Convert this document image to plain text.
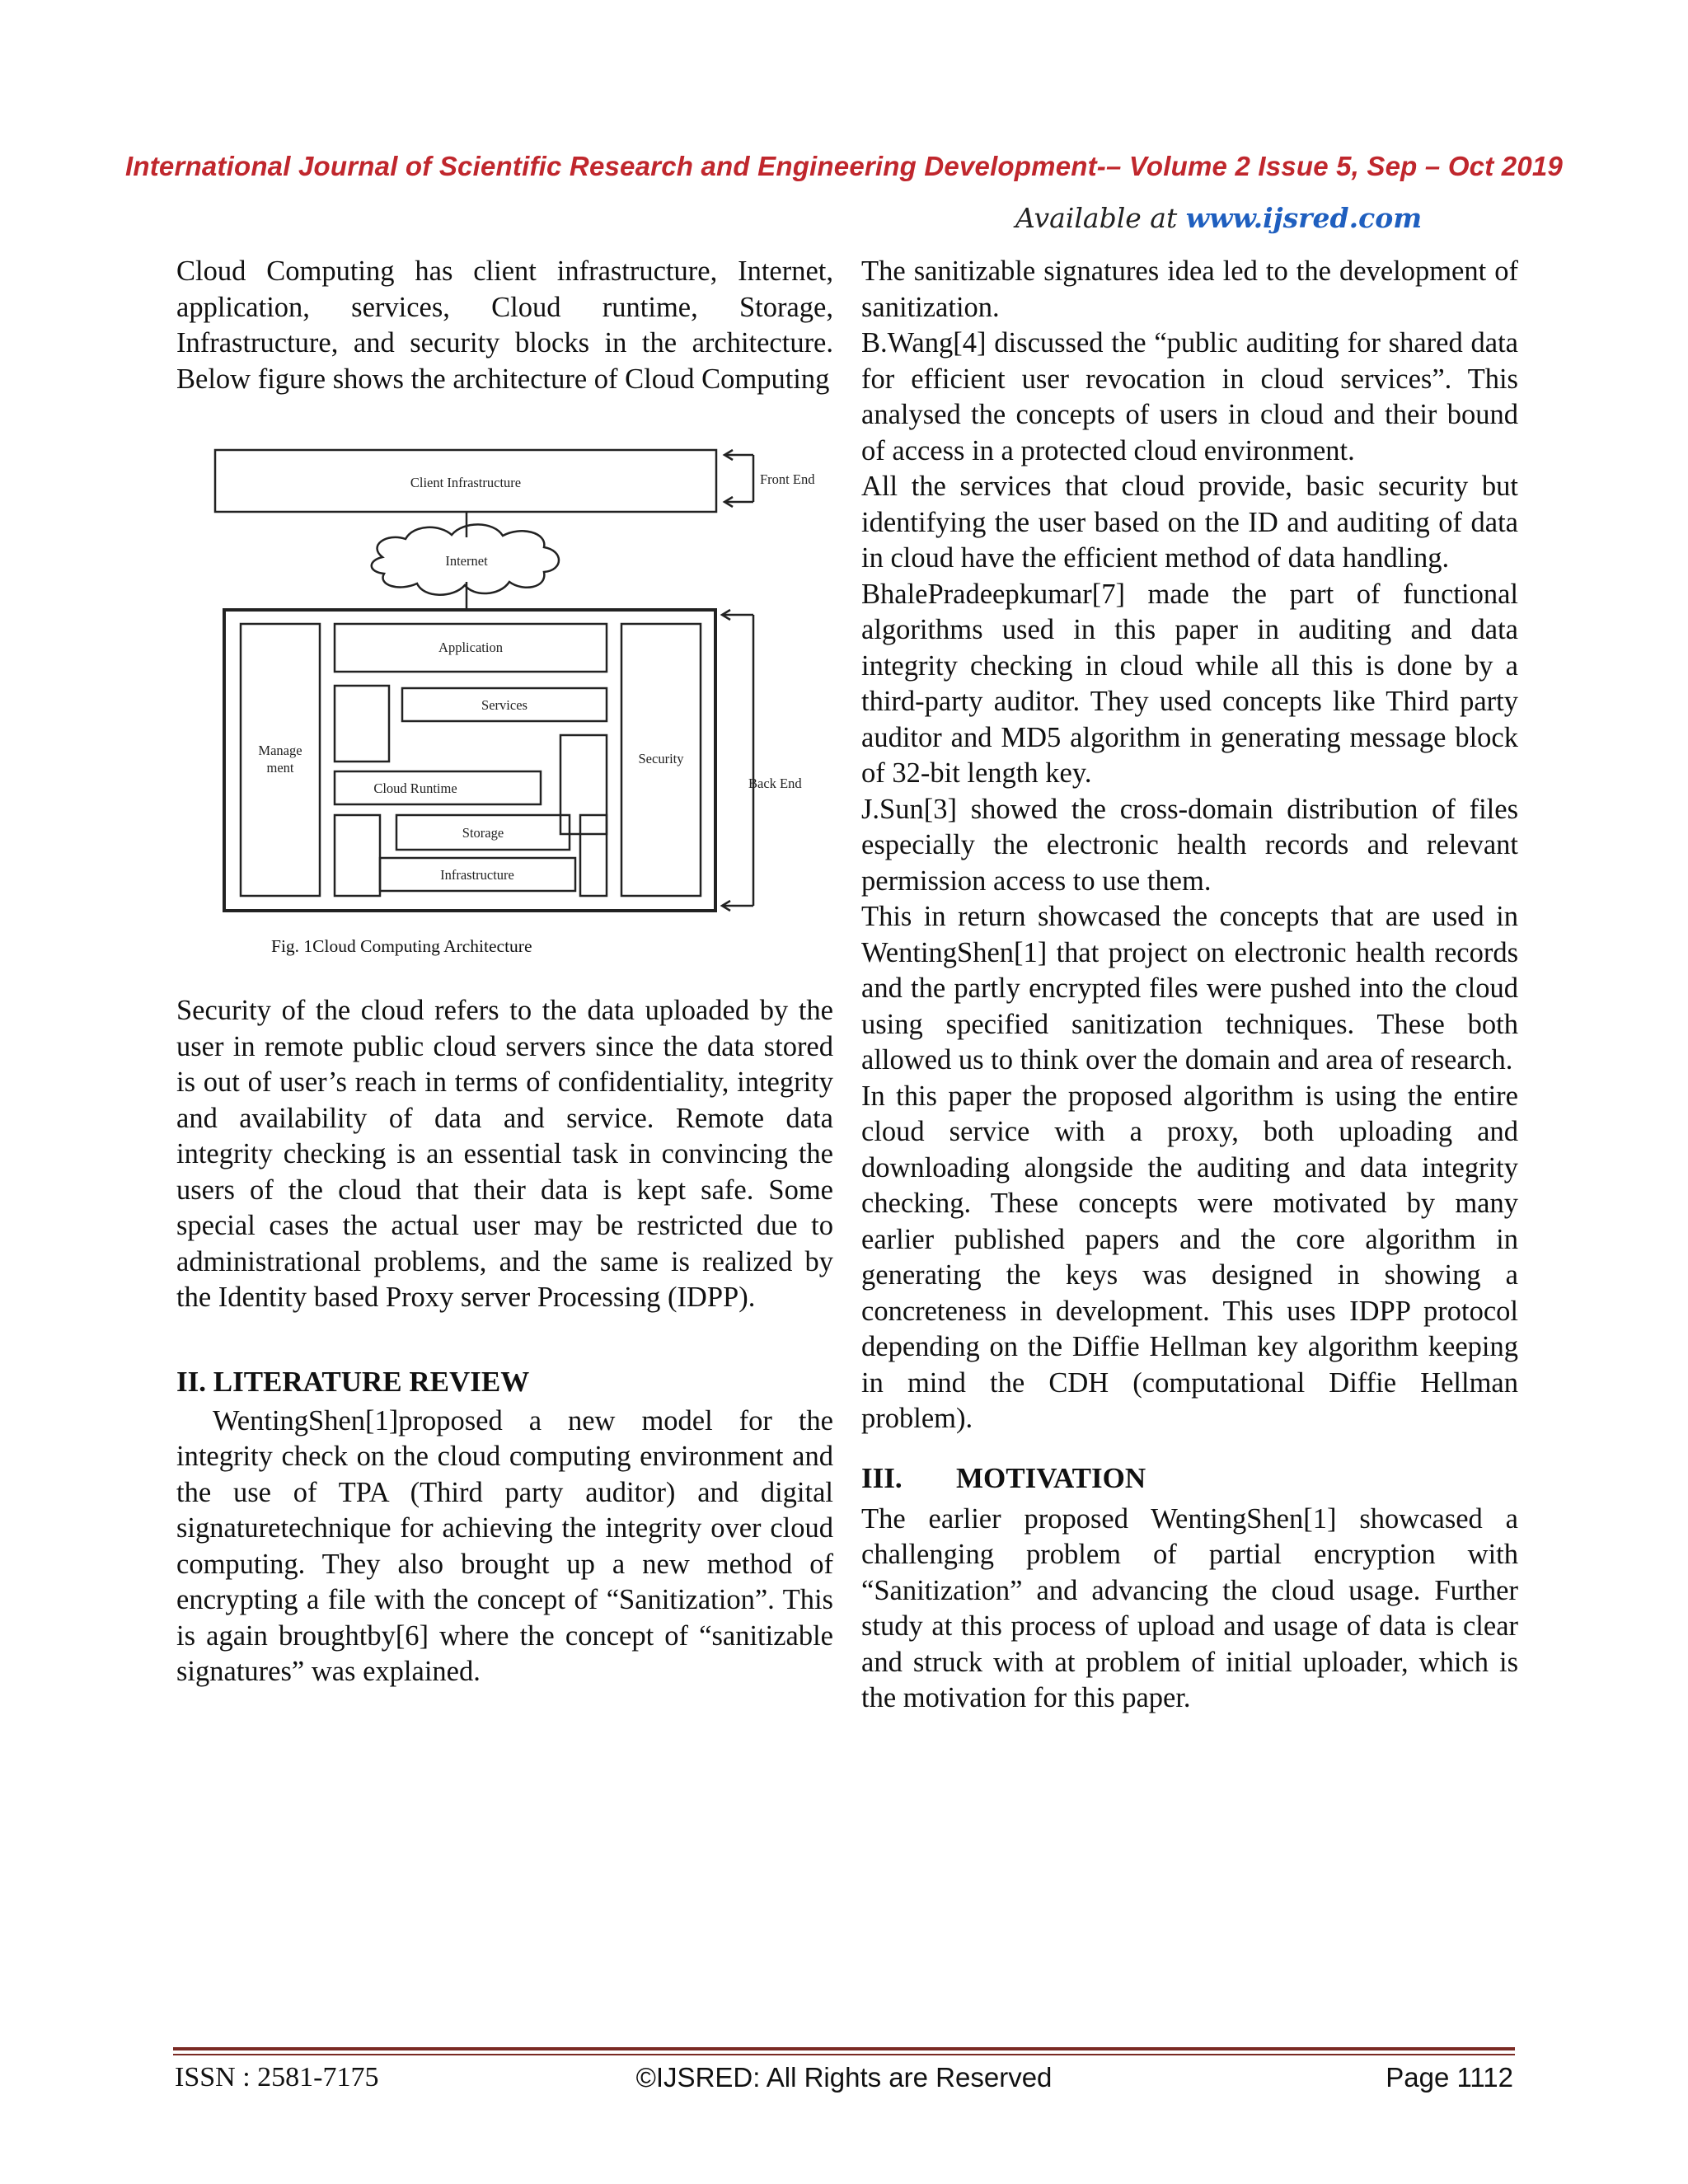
International Journal of Scientific Research and Engineering Development-– Volume 2 Issue 5, Sep – Oct 2019
Available at www.ijsred.com

Cloud Computing has client infrastructure, Internet, application, services, Cloud runtime, Storage, Infrastructure, and security blocks in the architecture. Below figure shows the architecture of Cloud Computing

Client Infrastructure	Front End
Internet
Application
Services
Manage
ment
Security
Cloud Runtime	Back End
Storage
Infrastructure
Fig. 1Cloud Computing Architecture

Security of the cloud refers to the data uploaded by the user in remote public cloud servers since the data stored is out of user’s reach in terms of confidentiality, integrity and availability of data and service. Remote data integrity checking is an essential task in convincing the users of the cloud that their data is kept safe. Some special cases the actual user may be restricted due to administrational problems, and the same is realized by the Identity based Proxy server Processing (IDPP).

II. LITERATURE REVIEW

WentingShen[1]proposed a new model for the integrity check on the cloud computing environment and the use of TPA (Third party auditor) and digital signaturetechnique for achieving the integrity over cloud computing. They also brought up a new method of encrypting a file with the concept of “Sanitization”. This is again broughtby[6] where the concept of “sanitizable signatures” was explained.

The sanitizable signatures idea led to the development of sanitization.

B.Wang[4] discussed the “public auditing for shared data for efficient user revocation in cloud services”. This analysed the concepts of users in cloud and their bound of access in a protected cloud environment.

All the services that cloud provide, basic security but identifying the user based on the ID and auditing of data in cloud have the efficient method of data handling.

BhalePradeepkumar[7] made the part of functional algorithms used in this paper in auditing and data integrity checking in cloud while all this is done by a third-party auditor. They used concepts like Third party auditor and MD5 algorithm in generating message block of 32-bit length key.

J.Sun[3] showed the cross-domain distribution of files especially the electronic health records and relevant permission access to use them.

This in return showcased the concepts that are used in WentingShen[1] that project on electronic health records and the partly encrypted files were pushed into the cloud using specified sanitization techniques. These both allowed us to think over the domain and area of research.

In this paper the proposed algorithm is using the entire cloud service with a proxy, both uploading and downloading alongside the auditing and data integrity checking. These concepts were motivated by many earlier published papers and the core algorithm in generating the keys was designed in showing a concreteness in development. This uses IDPP protocol depending on the Diffie Hellman key algorithm keeping in mind the CDH (computational Diffie Hellman problem).

III. MOTIVATION

The earlier proposed WentingShen[1] showcased a challenging problem of partial encryption with “Sanitization” and advancing the cloud usage. Further study at this process of upload and usage of data is clear and struck with at problem of initial uploader, which is the motivation for this paper.

ISSN : 2581-7175	©IJSRED: All Rights are Reserved	Page 1112
